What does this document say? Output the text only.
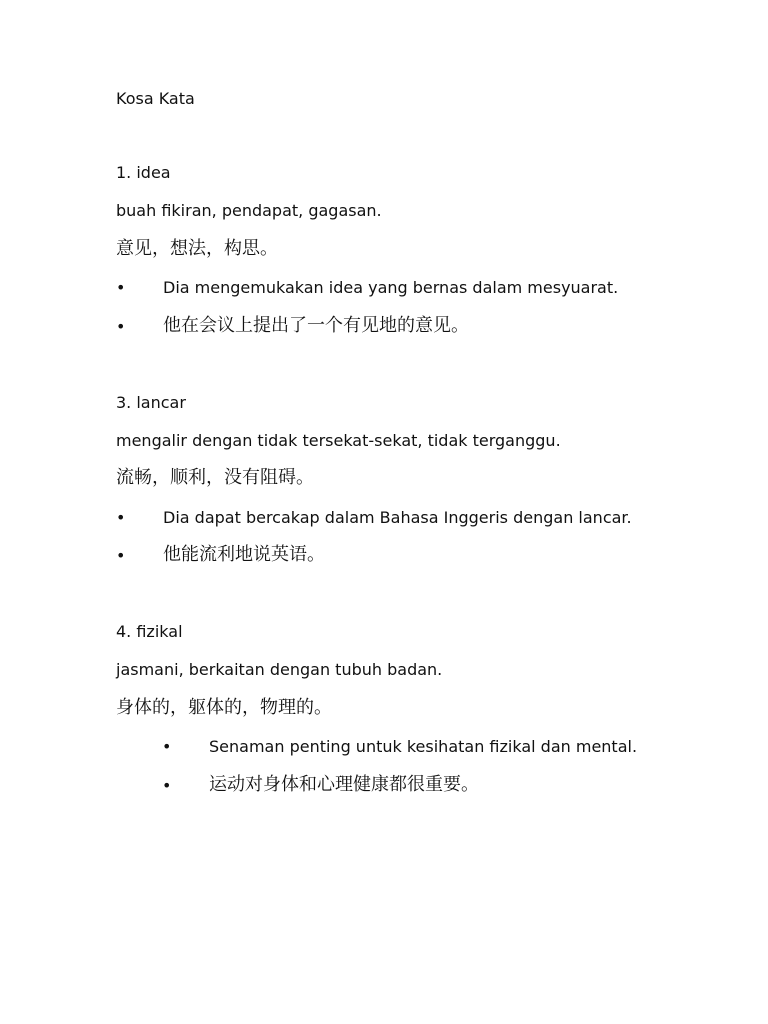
Kosa Kata
1. idea
buah fikiran, pendapat, gagasan.
意见，想法，构思。
• Dia mengemukakan idea yang bernas dalam mesyuarat.
• 他在会议上提出了一个有见地的意见。
3. lancar
mengalir dengan tidak tersekat-sekat, tidak terganggu.
流畅，顺利，没有阻碍。
• Dia dapat bercakap dalam Bahasa Inggeris dengan lancar.
• 他能流利地说英语。
4. fizikal
jasmani, berkaitan dengan tubuh badan.
身体的，躯体的，物理的。
• Senaman penting untuk kesihatan fizikal dan mental.
• 运动对身体和心理健康都很重要。
